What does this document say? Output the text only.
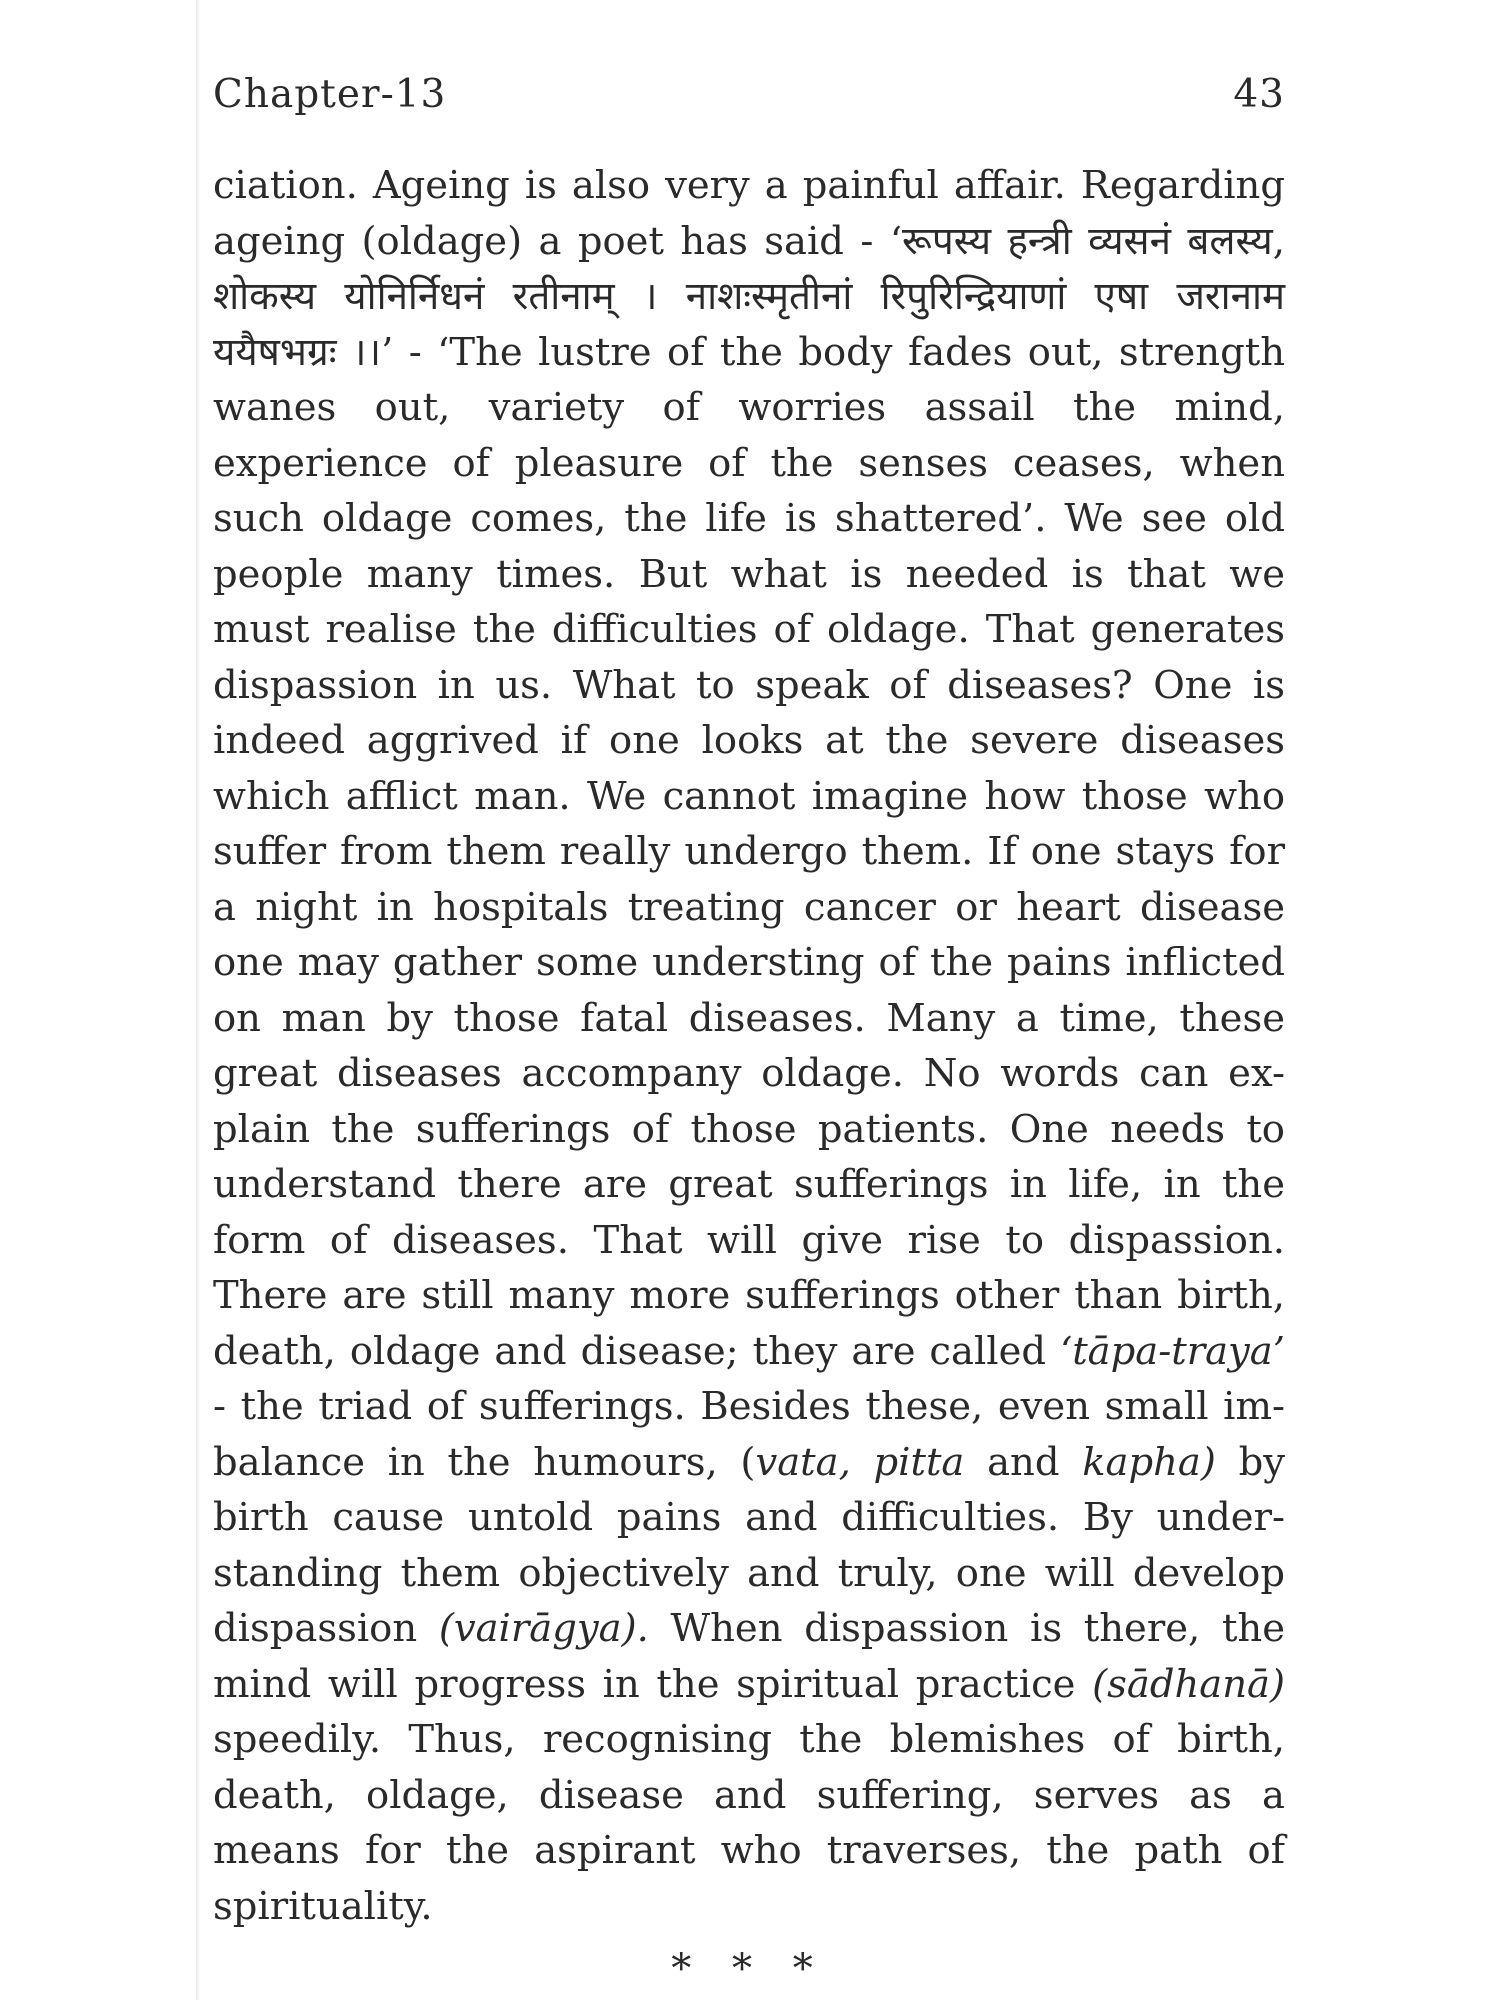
Chapter-13	43
ciation. Ageing is also very a painful affair. Regarding ageing (oldage) a poet has said - ‘रूपस्य हन्त्री व्यसनं बलस्य, शोकस्य योनिर्निधनं रतीनाम् । नाशःस्मृतीनां रिपुरिन्द्रियाणां एषा जरानाम ययैषभग्रः ।।’ - ‘The lustre of the body fades out, strength wanes out, variety of worries assail the mind, experience of pleasure of the senses ceases, when such oldage comes, the life is shattered’. We see old people many times. But what is needed is that we must realise the difficulties of oldage. That generates dispassion in us. What to speak of diseases? One is indeed aggrived if one looks at the severe diseases which afflict man. We cannot imagine how those who suffer from them really undergo them. If one stays for a night in hospitals treating cancer or heart disease one may gather some understing of the pains inflicted on man by those fatal diseases. Many a time, these great diseases accompany oldage. No words can ex-plain the sufferings of those patients. One needs to understand there are great sufferings in life, in the form of diseases. That will give rise to dispassion. There are still many more sufferings other than birth, death, oldage and disease; they are called ‘tāpa-traya’ - the triad of sufferings. Besides these, even small im-balance in the humours, (vata, pitta and kapha) by birth cause untold pains and difficulties. By under-standing them objectively and truly, one will develop dispassion (vairāgya). When dispassion is there, the mind will progress in the spiritual practice (sādhanā) speedily. Thus, recognising the blemishes of birth, death, oldage, disease and suffering, serves as a means for the aspirant who traverses, the path of spirituality.
* * *
